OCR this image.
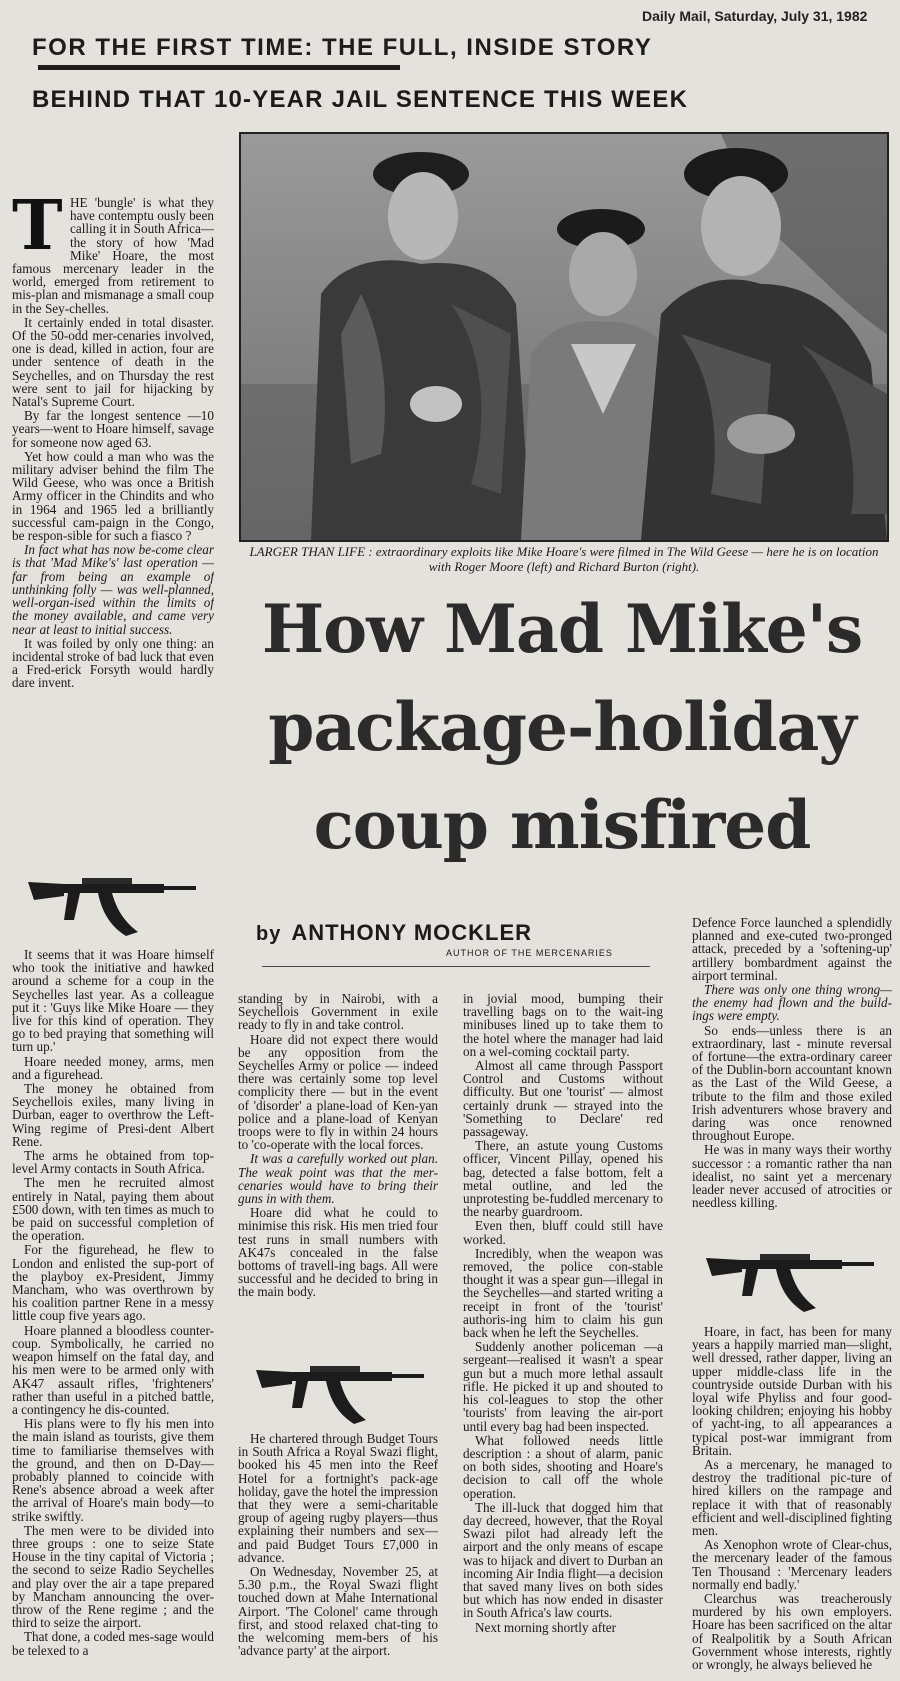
Daily Mail, Saturday, July 31, 1982
FOR THE FIRST TIME: THE FULL, INSIDE STORY
BEHIND THAT 10-YEAR JAIL SENTENCE THIS WEEK
LARGER THAN LIFE : extraordinary exploits like Mike Hoare's were filmed in The Wild Geese — here he is on location with Roger Moore (left) and Richard Burton (right).
How Mad Mike's
package-holiday
coup misfired
by ANTHONY MOCKLER
AUTHOR OF THE MERCENARIES

THE 'bungle' is what they have contemptu ously been calling it in South Africa—the story of how 'Mad Mike' Hoare, the most famous mercenary leader in the world, emerged from retirement to mis-plan and mismanage a small coup in the Sey-chelles.

It certainly ended in total disaster. Of the 50-odd mer-cenaries involved, one is dead, killed in action, four are under sentence of death in the Seychelles, and on Thursday the rest were sent to jail for hijacking by Natal's Supreme Court.

By far the longest sentence —10 years—went to Hoare himself, savage for someone now aged 63.

Yet how could a man who was the military adviser behind the film The Wild Geese, who was once a British Army officer in the Chindits and who in 1964 and 1965 led a brilliantly successful cam-paign in the Congo, be respon-sible for such a fiasco ?

In fact what has now be-come clear is that 'Mad Mike's' last operation — far from being an example of unthinking folly — was well-planned, well-organ-ised within the limits of the money available, and came very near at least to initial success.

It was foiled by only one thing: an incidental stroke of bad luck that even a Fred-erick Forsyth would hardly dare invent.

It seems that it was Hoare himself who took the initiative and hawked around a scheme for a coup in the Seychelles last year. As a colleague put it : 'Guys like Mike Hoare — they live for this kind of operation. They go to bed praying that something will turn up.'

Hoare needed money, arms, men and a figurehead.

The money he obtained from Seychellois exiles, many living in Durban, eager to overthrow the Left-Wing regime of Presi-dent Albert Rene.

The arms he obtained from top-level Army contacts in South Africa.

The men he recruited almost entirely in Natal, paying them about £500 down, with ten times as much to be paid on successful completion of the operation.

For the figurehead, he flew to London and enlisted the sup-port of the playboy ex-President, Jimmy Mancham, who was overthrown by his coalition partner Rene in a messy little coup five years ago.

Hoare planned a bloodless counter-coup. Symbolically, he carried no weapon himself on the fatal day, and his men were to be armed only with AK47 assault rifles, 'frighteners' rather than useful in a pitched battle, a contingency he dis-counted.

His plans were to fly his men into the main island as tourists, give them time to familiarise themselves with the ground, and then on D-Day—probably planned to coincide with Rene's absence abroad a week after the arrival of Hoare's main body—to strike swiftly.

The men were to be divided into three groups : one to seize State House in the tiny capital of Victoria ; the second to seize Radio Seychelles and play over the air a tape prepared by Mancham announcing the over-throw of the Rene regime ; and the third to seize the airport.

That done, a coded mes-sage would be telexed to a

standing by in Nairobi, with a Seychellois Government in exile ready to fly in and take control.

Hoare did not expect there would be any opposition from the Seychelles Army or police — indeed there was certainly some top level complicity there — but in the event of 'disorder' a plane-load of Ken-yan police and a plane-load of Kenyan troops were to fly in within 24 hours to 'co-operate with the local forces.

It was a carefully worked out plan. The weak point was that the mer-cenaries would have to bring their guns in with them.

Hoare did what he could to minimise this risk. His men tried four test runs in small numbers with AK47s concealed in the false bottoms of travell-ing bags. All were successful and he decided to bring in the main body.

He chartered through Budget Tours in South Africa a Royal Swazi flight, booked his 45 men into the Reef Hotel for a fortnight's pack-age holiday, gave the hotel the impression that they were a semi-charitable group of ageing rugby players—thus explaining their numbers and sex—and paid Budget Tours £7,000 in advance.

On Wednesday, November 25, at 5.30 p.m., the Royal Swazi flight touched down at Mahe International Airport. 'The Colonel' came through first, and stood relaxed chat-ting to the welcoming mem-bers of his 'advance party' at the airport.

in jovial mood, bumping their travelling bags on to the wait-ing minibuses lined up to take them to the hotel where the manager had laid on a wel-coming cocktail party.

Almost all came through Passport Control and Customs without difficulty. But one 'tourist' — almost certainly drunk — strayed into the 'Something to Declare' red passageway.

There, an astute young Customs officer, Vincent Pillay, opened his bag, detected a false bottom, felt a metal outline, and led the unprotesting be-fuddled mercenary to the nearby guardroom.

Even then, bluff could still have worked.

Incredibly, when the weapon was removed, the police con-stable thought it was a spear gun—illegal in the Seychelles—and started writing a receipt in front of the 'tourist' authoris-ing him to claim his gun back when he left the Seychelles.

Suddenly another policeman —a sergeant—realised it wasn't a spear gun but a much more lethal assault rifle. He picked it up and shouted to his col-leagues to stop the other 'tourists' from leaving the air-port until every bag had been inspected.

What followed needs little description : a shout of alarm, panic on both sides, shooting and Hoare's decision to call off the whole operation.

The ill-luck that dogged him that day decreed, however, that the Royal Swazi pilot had already left the airport and the only means of escape was to hijack and divert to Durban an incoming Air India flight—a decision that saved many lives on both sides but which has now ended in disaster in South Africa's law courts.

Next morning shortly after

Defence Force launched a splendidly planned and exe-cuted two-pronged attack, preceded by a 'softening-up' artillery bombardment against the airport terminal.

There was only one thing wrong—the enemy had flown and the build-ings were empty.

So ends—unless there is an extraordinary, last - minute reversal of fortune—the extra-ordinary career of the Dublin-born accountant known as the Last of the Wild Geese, a tribute to the film and those exiled Irish adventurers whose bravery and daring was once renowned throughout Europe.

He was in many ways their worthy successor : a romantic rather tha nan idealist, no saint yet a mercenary leader never accused of atrocities or needless killing.

Hoare, in fact, has been for many years a happily married man—slight, well dressed, rather dapper, living an upper middle-class life in the countryside outside Durban with his loyal wife Phyliss and four good-looking children; enjoying his hobby of yacht-ing, to all appearances a typical post-war immigrant from Britain.

As a mercenary, he managed to destroy the traditional pic-ture of hired killers on the rampage and replace it with that of reasonably efficient and well-disciplined fighting men.

As Xenophon wrote of Clear-chus, the mercenary leader of the famous Ten Thousand : 'Mercenary leaders normally end badly.'

Clearchus was treacherously murdered by his own employers. Hoare has been sacrificed on the altar of Realpolitik by a South African Government whose interests, rightly or wrongly, he always believed he
